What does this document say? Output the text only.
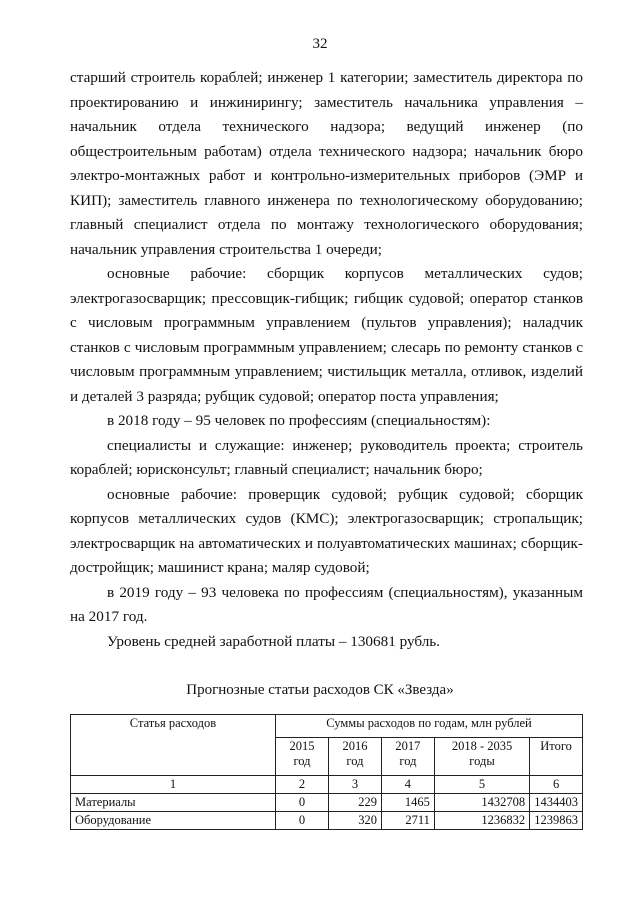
32

старший строитель кораблей; инженер 1 категории; заместитель директора по проектированию и инжинирингу; заместитель начальника управления – начальник отдела технического надзора; ведущий инженер (по общестроительным работам) отдела технического надзора; начальник бюро электро-монтажных работ и контрольно-измерительных приборов (ЭМР и КИП); заместитель главного инженера по технологическому оборудованию; главный специалист отдела по монтажу технологического оборудования; начальник управления строительства 1 очереди;

основные рабочие: сборщик корпусов металлических судов; электрогазосварщик; прессовщик-гибщик; гибщик судовой; оператор станков с числовым программным управлением (пультов управления); наладчик станков с числовым программным управлением; слесарь по ремонту станков с числовым программным управлением; чистильщик металла, отливок, изделий и деталей 3 разряда; рубщик судовой; оператор поста управления;

в 2018 году – 95 человек по профессиям (специальностям):

специалисты и служащие: инженер; руководитель проекта; строитель кораблей; юрисконсульт; главный специалист; начальник бюро;

основные рабочие: проверщик судовой; рубщик судовой; сборщик корпусов металлических судов (КМС); электрогазосварщик; стропальщик; электросварщик на автоматических и полуавтоматических машинах; сборщик-достройщик; машинист крана; маляр судовой;

в 2019 году – 93 человека по профессиям (специальностям), указанным на 2017 год.

Уровень средней заработной платы – 130681 рубль.

Прогнозные статьи расходов СК «Звезда»
Статья расходов	Суммы расходов по годам, млн рублей				
	2015 год	2016 год	2017 год	2018 - 2035 годы	Итого
1	2	3	4	5	6
Материалы	0	229	1465	1432708	1434403
Оборудование	0	320	2711	1236832	1239863
